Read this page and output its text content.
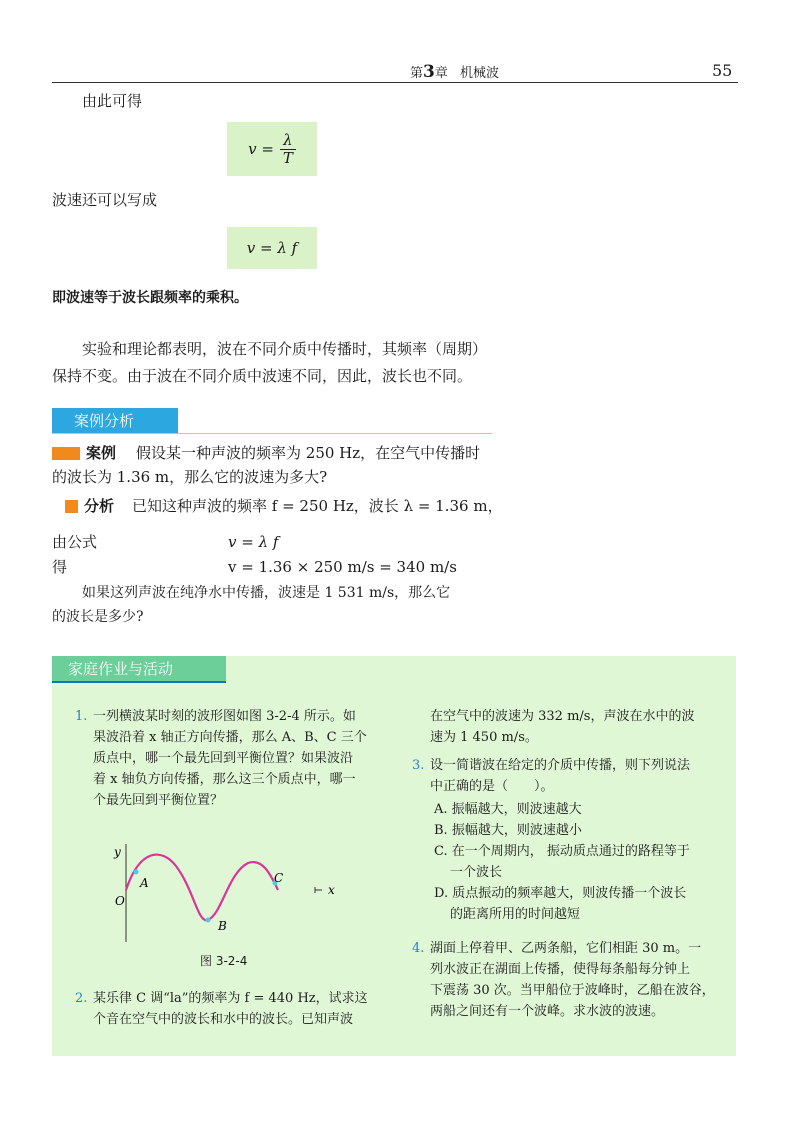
第3章 机械波	55
由此可得
$v = \frac{\lambda}{T}$
波速还可以写成
v = λ f
即波速等于波长跟频率的乘积。
实验和理论都表明，波在不同介质中传播时，其频率（周期）
保持不变。由于波在不同介质中波速不同，因此，波长也不同。
案例分析
案例 假设某一种声波的频率为 250 Hz，在空气中传播时
的波长为 1.36 m，那么它的波速为多大?
分析 已知这种声波的频率 f = 250 Hz，波长 λ = 1.36 m，
由公式	v = λ f
得	v = 1.36 × 250 m/s = 340 m/s
如果这列声波在纯净水中传播，波速是 1 531 m/s，那么它
的波长是多少?
家庭作业与活动
1. 一列横波某时刻的波形图如图 3-2-4 所示。如
果波沿着 x 轴正方向传播，那么 A、B、C 三个
质点中，哪一个最先回到平衡位置？如果波沿
着 x 轴负方向传播，那么这三个质点中，哪一
个最先回到平衡位置？
y
x
O
A
B
C
图 3-2-4
2. 某乐律 C 调“la”的频率为 f = 440 Hz，试求这
个音在空气中的波长和水中的波长。已知声波
在空气中的波速为 332 m/s，声波在水中的波
速为 1 450 m/s。
3. 设一简谐波在给定的介质中传播，则下列说法
中正确的是（　　）。
A. 振幅越大，则波速越大
B. 振幅越大，则波速越小
C. 在一个周期内， 振动质点通过的路程等于
一个波长
D. 质点振动的频率越大，则波传播一个波长
的距离所用的时间越短
4. 湖面上停着甲、乙两条船，它们相距 30 m。一
列水波正在湖面上传播，使得每条船每分钟上
下震荡 30 次。当甲船位于波峰时，乙船在波谷，
两船之间还有一个波峰。求水波的波速。
